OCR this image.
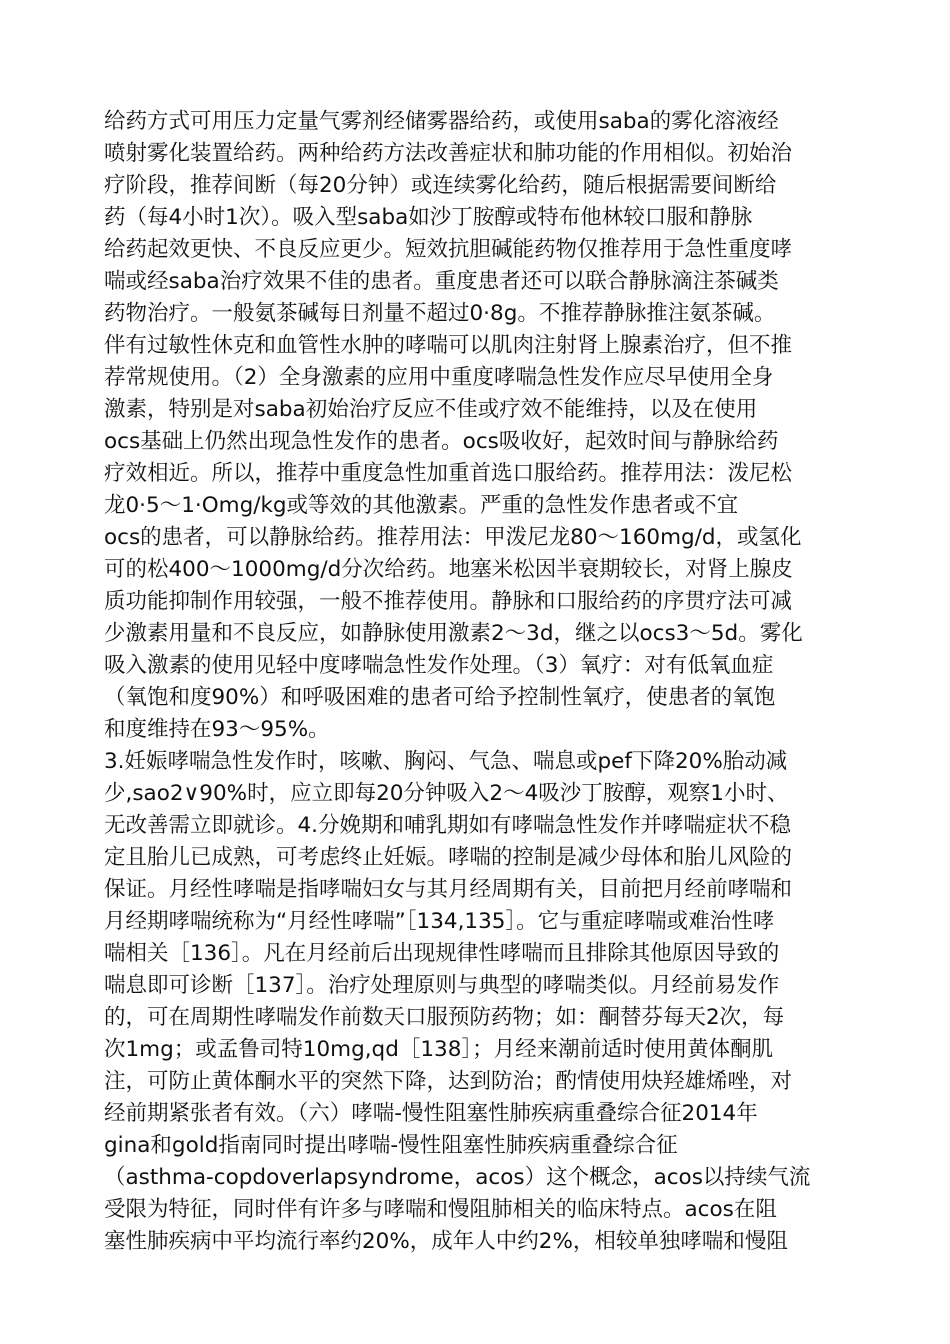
给药方式可用压力定量气雾剂经储雾器给药，或使用saba的雾化溶液经
喷射雾化装置给药。两种给药方法改善症状和肺功能的作用相似。初始治
疗阶段，推荐间断（每20分钟）或连续雾化给药，随后根据需要间断给
药（每4小时1次）。吸入型saba如沙丁胺醇或特布他林较口服和静脉
给药起效更快、不良反应更少。短效抗胆碱能药物仅推荐用于急性重度哮
喘或经saba治疗效果不佳的患者。重度患者还可以联合静脉滴注茶碱类
药物治疗。一般氨茶碱每日剂量不超过0·8g。不推荐静脉推注氨茶碱。
伴有过敏性休克和血管性水肿的哮喘可以肌肉注射肾上腺素治疗，但不推
荐常规使用。（2）全身激素的应用中重度哮喘急性发作应尽早使用全身
激素，特别是对saba初始治疗反应不佳或疗效不能维持，以及在使用
ocs基础上仍然出现急性发作的患者。ocs吸收好，起效时间与静脉给药
疗效相近。所以，推荐中重度急性加重首选口服给药。推荐用法：泼尼松
龙0·5～1·Omg/kg或等效的其他激素。严重的急性发作患者或不宜
ocs的患者，可以静脉给药。推荐用法：甲泼尼龙80～160mg/d，或氢化
可的松400～1000mg/d分次给药。地塞米松因半衰期较长，对肾上腺皮
质功能抑制作用较强，一般不推荐使用。静脉和口服给药的序贯疗法可减
少激素用量和不良反应，如静脉使用激素2～3d，继之以ocs3～5d。雾化
吸入激素的使用见轻中度哮喘急性发作处理。（3）氧疗：对有低氧血症
（氧饱和度90%）和呼吸困难的患者可给予控制性氧疗，使患者的氧饱
和度维持在93～95%。
3.妊娠哮喘急性发作时，咳嗽、胸闷、气急、喘息或pef下降20%胎动减
少,sao2∨90%时，应立即每20分钟吸入2～4吸沙丁胺醇，观察1小时、
无改善需立即就诊。4.分娩期和哺乳期如有哮喘急性发作并哮喘症状不稳
定且胎儿已成熟，可考虑终止妊娠。哮喘的控制是减少母体和胎儿风险的
保证。月经性哮喘是指哮喘妇女与其月经周期有关，目前把月经前哮喘和
月经期哮喘统称为“月经性哮喘”［134,135］。它与重症哮喘或难治性哮
喘相关［136］。凡在月经前后出现规律性哮喘而且排除其他原因导致的
喘息即可诊断［137］。治疗处理原则与典型的哮喘类似。月经前易发作
的，可在周期性哮喘发作前数天口服预防药物；如：酮替芬每天2次，每
次1mg；或孟鲁司特10mg,qd［138］；月经来潮前适时使用黄体酮肌
注，可防止黄体酮水平的突然下降，达到防治；酌情使用炔羟雄烯唑，对
经前期紧张者有效。（六）哮喘-慢性阻塞性肺疾病重叠综合征2014年
gina和gold指南同时提出哮喘-慢性阻塞性肺疾病重叠综合征
（asthma-copdoverlapsyndrome，acos）这个概念，acos以持续气流
受限为特征，同时伴有许多与哮喘和慢阻肺相关的临床特点。acos在阻
塞性肺疾病中平均流行率约20%，成年人中约2%，相较单独哮喘和慢阻
